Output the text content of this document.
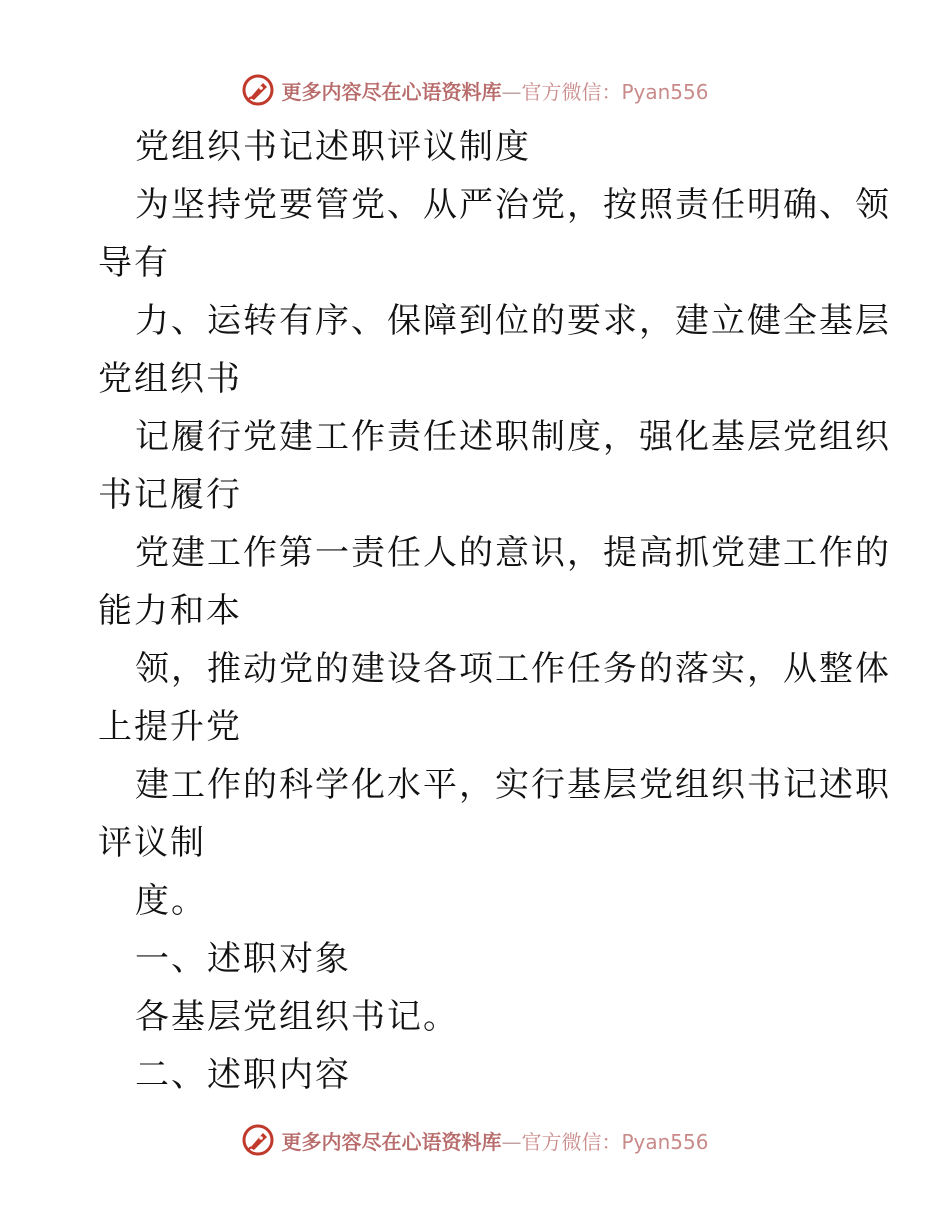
更多内容尽在心语资料库—官方微信：Pyan556
党组织书记述职评议制度
为坚持党要管党、从严治党，按照责任明确、领
导有
力、运转有序、保障到位的要求，建立健全基层
党组织书
记履行党建工作责任述职制度，强化基层党组织
书记履行
党建工作第一责任人的意识，提高抓党建工作的
能力和本
领，推动党的建设各项工作任务的落实，从整体
上提升党
建工作的科学化水平，实行基层党组织书记述职
评议制
度。
一、述职对象
各基层党组织书记。
二、述职内容
更多内容尽在心语资料库—官方微信：Pyan556
